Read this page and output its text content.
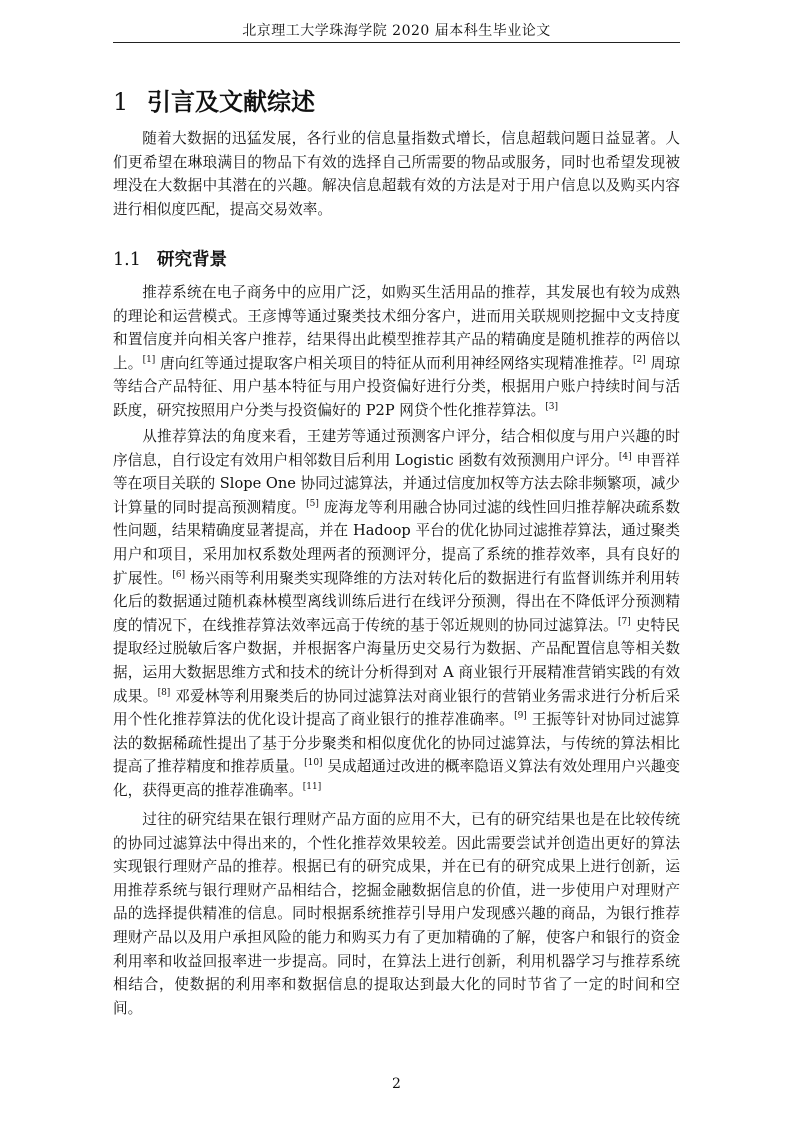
北京理工大学珠海学院 2020 届本科生毕业论文
1 引言及文献综述

随着大数据的迅猛发展，各行业的信息量指数式增长，信息超载问题日益显著。人们更希望在琳琅满目的物品下有效的选择自己所需要的物品或服务，同时也希望发现被埋没在大数据中其潜在的兴趣。解决信息超载有效的方法是对于用户信息以及购买内容进行相似度匹配，提高交易效率。

1.1 研究背景

推荐系统在电子商务中的应用广泛，如购买生活用品的推荐，其发展也有较为成熟的理论和运营模式。王彦博等通过聚类技术细分客户，进而用关联规则挖掘中文支持度和置信度并向相关客户推荐，结果得出此模型推荐其产品的精确度是随机推荐的两倍以上。[1] 唐向红等通过提取客户相关项目的特征从而利用神经网络实现精准推荐。[2] 周琼等结合产品特征、用户基本特征与用户投资偏好进行分类，根据用户账户持续时间与活跃度，研究按照用户分类与投资偏好的 P2P 网贷个性化推荐算法。[3]

从推荐算法的角度来看，王建芳等通过预测客户评分，结合相似度与用户兴趣的时序信息，自行设定有效用户相邻数目后利用 Logistic 函数有效预测用户评分。[4] 申晋祥等在项目关联的 Slope One 协同过滤算法，并通过信度加权等方法去除非频繁项，减少计算量的同时提高预测精度。[5] 庞海龙等利用融合协同过滤的线性回归推荐解决疏系数性问题，结果精确度显著提高，并在 Hadoop 平台的优化协同过滤推荐算法，通过聚类用户和项目，采用加权系数处理两者的预测评分，提高了系统的推荐效率，具有良好的扩展性。[6] 杨兴雨等利用聚类实现降维的方法对转化后的数据进行有监督训练并利用转化后的数据通过随机森林模型离线训练后进行在线评分预测，得出在不降低评分预测精度的情况下，在线推荐算法效率远高于传统的基于邻近规则的协同过滤算法。[7] 史特民提取经过脱敏后客户数据，并根据客户海量历史交易行为数据、产品配置信息等相关数据，运用大数据思维方式和技术的统计分析得到对 A 商业银行开展精准营销实践的有效成果。[8] 邓爱林等利用聚类后的协同过滤算法对商业银行的营销业务需求进行分析后采用个性化推荐算法的优化设计提高了商业银行的推荐准确率。[9] 王振等针对协同过滤算法的数据稀疏性提出了基于分步聚类和相似度优化的协同过滤算法，与传统的算法相比提高了推荐精度和推荐质量。[10] 吴成超通过改进的概率隐语义算法有效处理用户兴趣变化，获得更高的推荐准确率。[11]

过往的研究结果在银行理财产品方面的应用不大，已有的研究结果也是在比较传统的协同过滤算法中得出来的，个性化推荐效果较差。因此需要尝试并创造出更好的算法实现银行理财产品的推荐。根据已有的研究成果，并在已有的研究成果上进行创新，运用推荐系统与银行理财产品相结合，挖掘金融数据信息的价值，进一步使用户对理财产品的选择提供精准的信息。同时根据系统推荐引导用户发现感兴趣的商品，为银行推荐理财产品以及用户承担风险的能力和购买力有了更加精确的了解，使客户和银行的资金利用率和收益回报率进一步提高。同时，在算法上进行创新，利用机器学习与推荐系统相结合，使数据的利用率和数据信息的提取达到最大化的同时节省了一定的时间和空间。

2
